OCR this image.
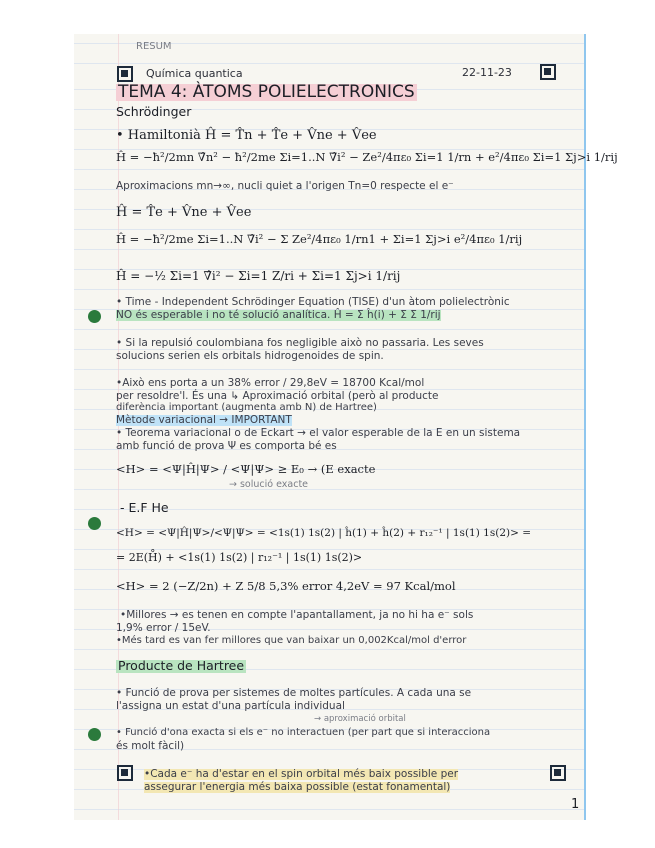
RESUM
Química quantica	22-11-23
TEMA 4: ÀTOMS POLIELECTRONICS
Schrödinger
• Hamiltonià Ĥ = T̂n + T̂e + V̂ne + V̂ee
Ĥ = −ħ²/2mn ∇̂n² − ħ²/2me Σi=1..N ∇̂i² − Ze²/4πε₀ Σi=1 1/rn + e²/4πε₀ Σi=1 Σj>i 1/rij
Aproximacions mn→∞, nucli quiet a l'origen Tn=0 respecte el e⁻
Ĥ = T̂e + V̂ne + V̂ee
Ĥ = −ħ²/2me Σi=1..N ∇̂i² − Σ Ze²/4πε₀ 1/rn1 + Σi=1 Σj>i e²/4πε₀ 1/rij
Ĥ = −½ Σi=1 ∇̂i² − Σi=1 Z/ri + Σi=1 Σj>i 1/rij
• Time - Independent Schrödinger Equation (TISE) d'un àtom polielectrònic
NO és esperable i no té solució analítica. Ĥ = Σ ĥ(i) + Σ Σ 1/rij
• Si la repulsió coulombiana fos negligible això no passaria. Les seves
solucions serien els orbitals hidrogenoides de spin.
•Això ens porta a un 38% error / 29,8eV = 18700 Kcal/mol
per resoldre'l. És una ↳ Aproximació orbital (però al producte
diferència important (augmenta amb N) de Hartree)
Mètode variacional → IMPORTANT
• Teorema variacional o de Eckart → el valor esperable de la E en un sistema
amb funció de prova Ψ es comporta bé es
<H> = <Ψ|Ĥ|Ψ> / <Ψ|Ψ> ≥ E₀ → (E exacte
→ solució exacte
- E.F He
<H> = <Ψ|Ĥ|Ψ>/<Ψ|Ψ> = <1s(1) 1s(2) | ĥ(1) + ĥ(2) + r₁₂⁻¹ | 1s(1) 1s(2)> =
= 2E(H̊) + <1s(1) 1s(2) | r₁₂⁻¹ | 1s(1) 1s(2)>
<H> = 2 (−Z/2n) + Z 5/8 5,3% error 4,2eV = 97 Kcal/mol
•Millores → es tenen en compte l'apantallament, ja no hi ha e⁻ sols
1,9% error / 15eV.
•Més tard es van fer millores que van baixar un 0,002Kcal/mol d'error
Producte de Hartree
• Funció de prova per sistemes de moltes partícules. A cada una se
l'assigna un estat d'una partícula individual
→ aproximació orbital
• Funció d'ona exacta si els e⁻ no interactuen (per part que si interacciona
és molt fàcil)
•Cada e⁻ ha d'estar en el spin orbital més baix possible per
assegurar l'energia més baixa possible (estat fonamental)
1
